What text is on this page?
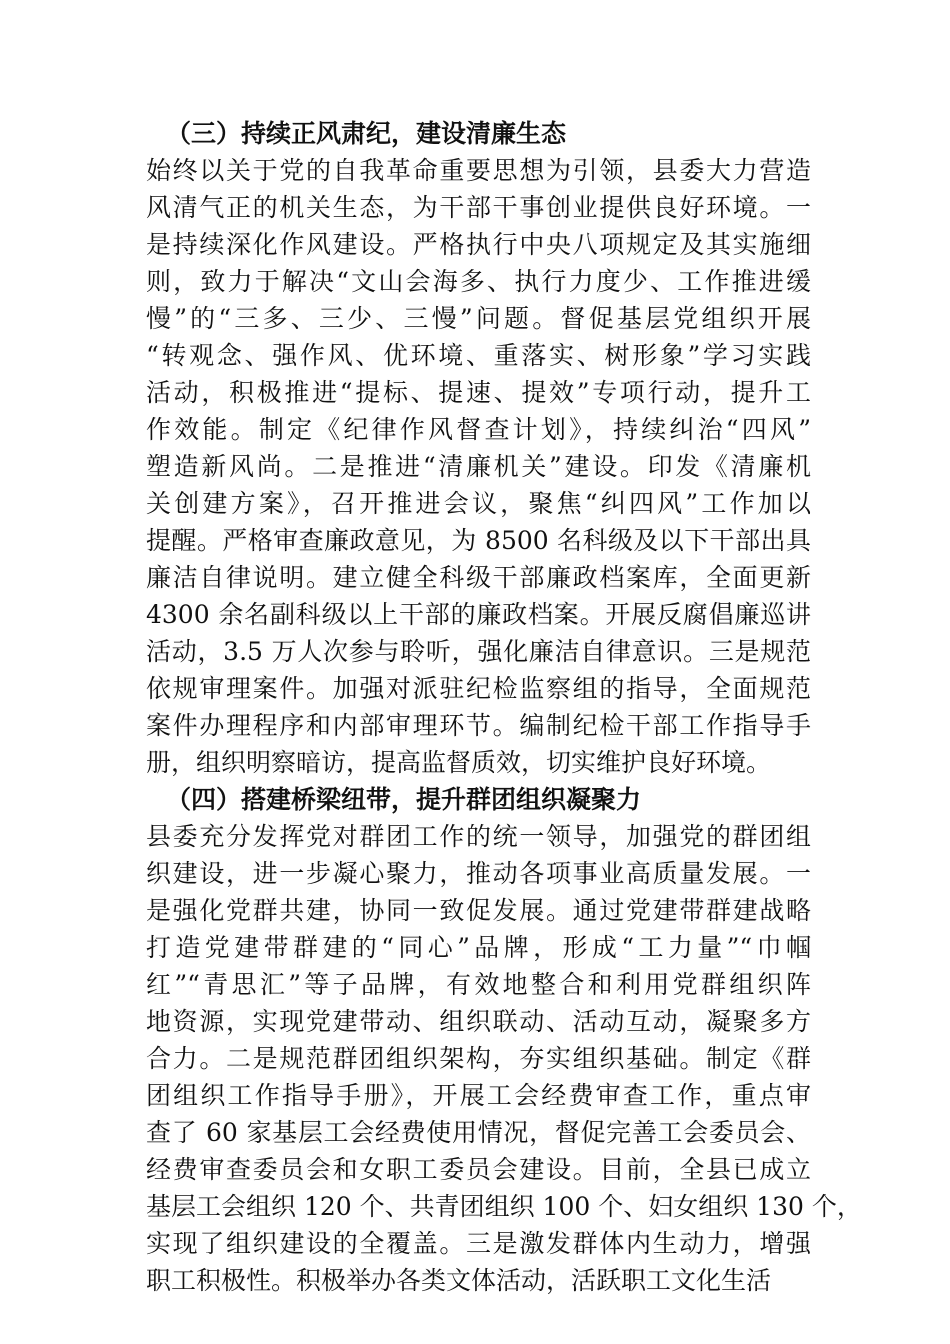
（三）持续正风肃纪，建设清廉生态
始终以关于党的自我革命重要思想为引领，县委大力营造
风清气正的机关生态，为干部干事创业提供良好环境。一
是持续深化作风建设。严格执行中央八项规定及其实施细
则，致力于解决“文山会海多、执行力度少、工作推进缓
慢”的“三多、三少、三慢”问题。督促基层党组织开展
“转观念、强作风、优环境、重落实、树形象”学习实践
活动，积极推进“提标、提速、提效”专项行动，提升工
作效能。制定《纪律作风督查计划》，持续纠治“四风”
塑造新风尚。二是推进“清廉机关”建设。印发《清廉机
关创建方案》，召开推进会议，聚焦“纠四风”工作加以
提醒。严格审查廉政意见，为 8500 名科级及以下干部出具
廉洁自律说明。建立健全科级干部廉政档案库，全面更新
4300 余名副科级以上干部的廉政档案。开展反腐倡廉巡讲
活动，3.5 万人次参与聆听，强化廉洁自律意识。三是规范
依规审理案件。加强对派驻纪检监察组的指导，全面规范
案件办理程序和内部审理环节。编制纪检干部工作指导手
册，组织明察暗访，提高监督质效，切实维护良好环境。
（四）搭建桥梁纽带，提升群团组织凝聚力
县委充分发挥党对群团工作的统一领导，加强党的群团组
织建设，进一步凝心聚力，推动各项事业高质量发展。一
是强化党群共建，协同一致促发展。通过党建带群建战略
打造党建带群建的“同心”品牌，形成“工力量”“巾帼
红”“青思汇”等子品牌，有效地整合和利用党群组织阵
地资源，实现党建带动、组织联动、活动互动，凝聚多方
合力。二是规范群团组织架构，夯实组织基础。制定《群
团组织工作指导手册》，开展工会经费审查工作，重点审
查了 60 家基层工会经费使用情况，督促完善工会委员会、
经费审查委员会和女职工委员会建设。目前，全县已成立
基层工会组织 120 个、共青团组织 100 个、妇女组织 130 个，
实现了组织建设的全覆盖。三是激发群体内生动力，增强
职工积极性。积极举办各类文体活动，活跃职工文化生活
